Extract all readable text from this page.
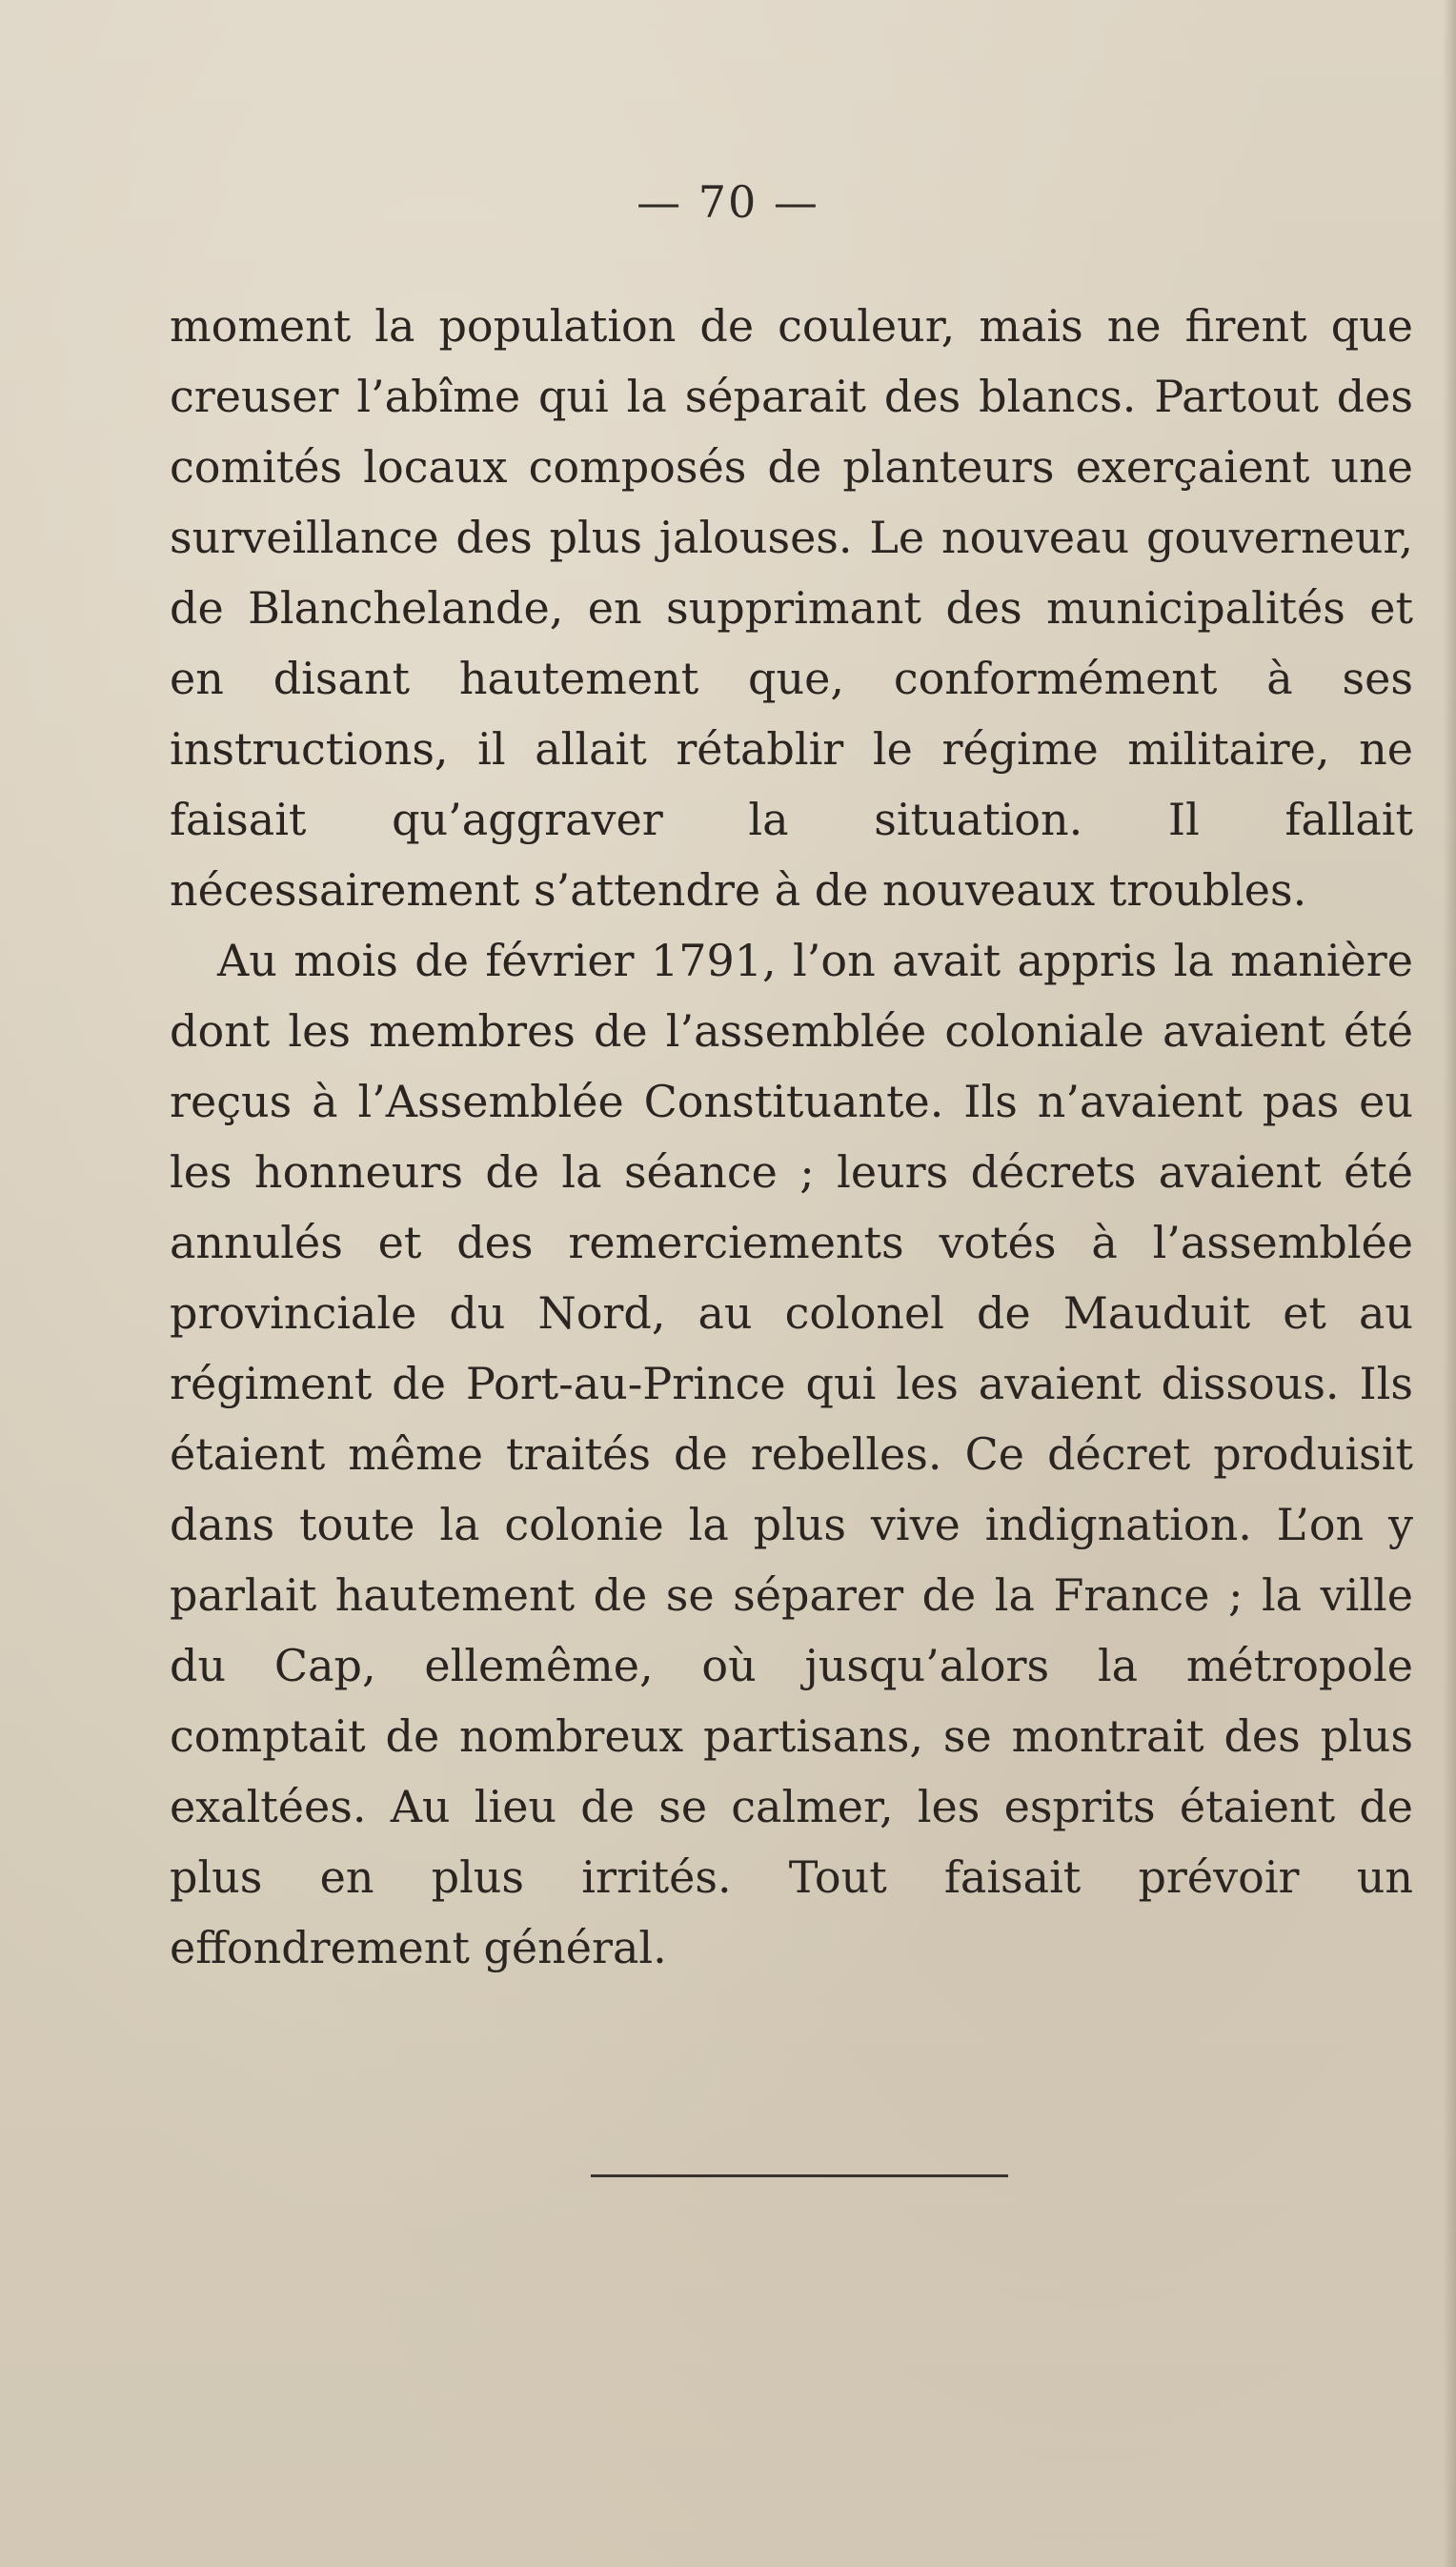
— 70 —

moment la population de couleur, mais ne firent que creuser l’abîme qui la séparait des blancs. Partout des comités locaux composés de planteurs exerçaient une surveillance des plus jalouses. Le nouveau gouverneur, de Blanchelande, en supprimant des municipalités et en disant hautement que, conformément à ses instructions, il allait rétablir le régime militaire, ne faisait qu’aggraver la situation. Il fallait nécessairement s’attendre à de nouveaux troubles.

Au mois de février 1791, l’on avait appris la manière dont les membres de l’assemblée coloniale avaient été reçus à l’Assemblée Constituante. Ils n’avaient pas eu les honneurs de la séance ; leurs décrets avaient été annulés et des remerciements votés à l’assemblée provinciale du Nord, au colonel de Mauduit et au régiment de Port-au-Prince qui les avaient dissous. Ils étaient même traités de rebelles. Ce décret produisit dans toute la colonie la plus vive indignation. L’on y parlait hautement de se séparer de la France ; la ville du Cap, ellemême, où jusqu’alors la métropole comptait de nombreux partisans, se montrait des plus exaltées. Au lieu de se calmer, les esprits étaient de plus en plus irrités. Tout faisait prévoir un effondrement général.
